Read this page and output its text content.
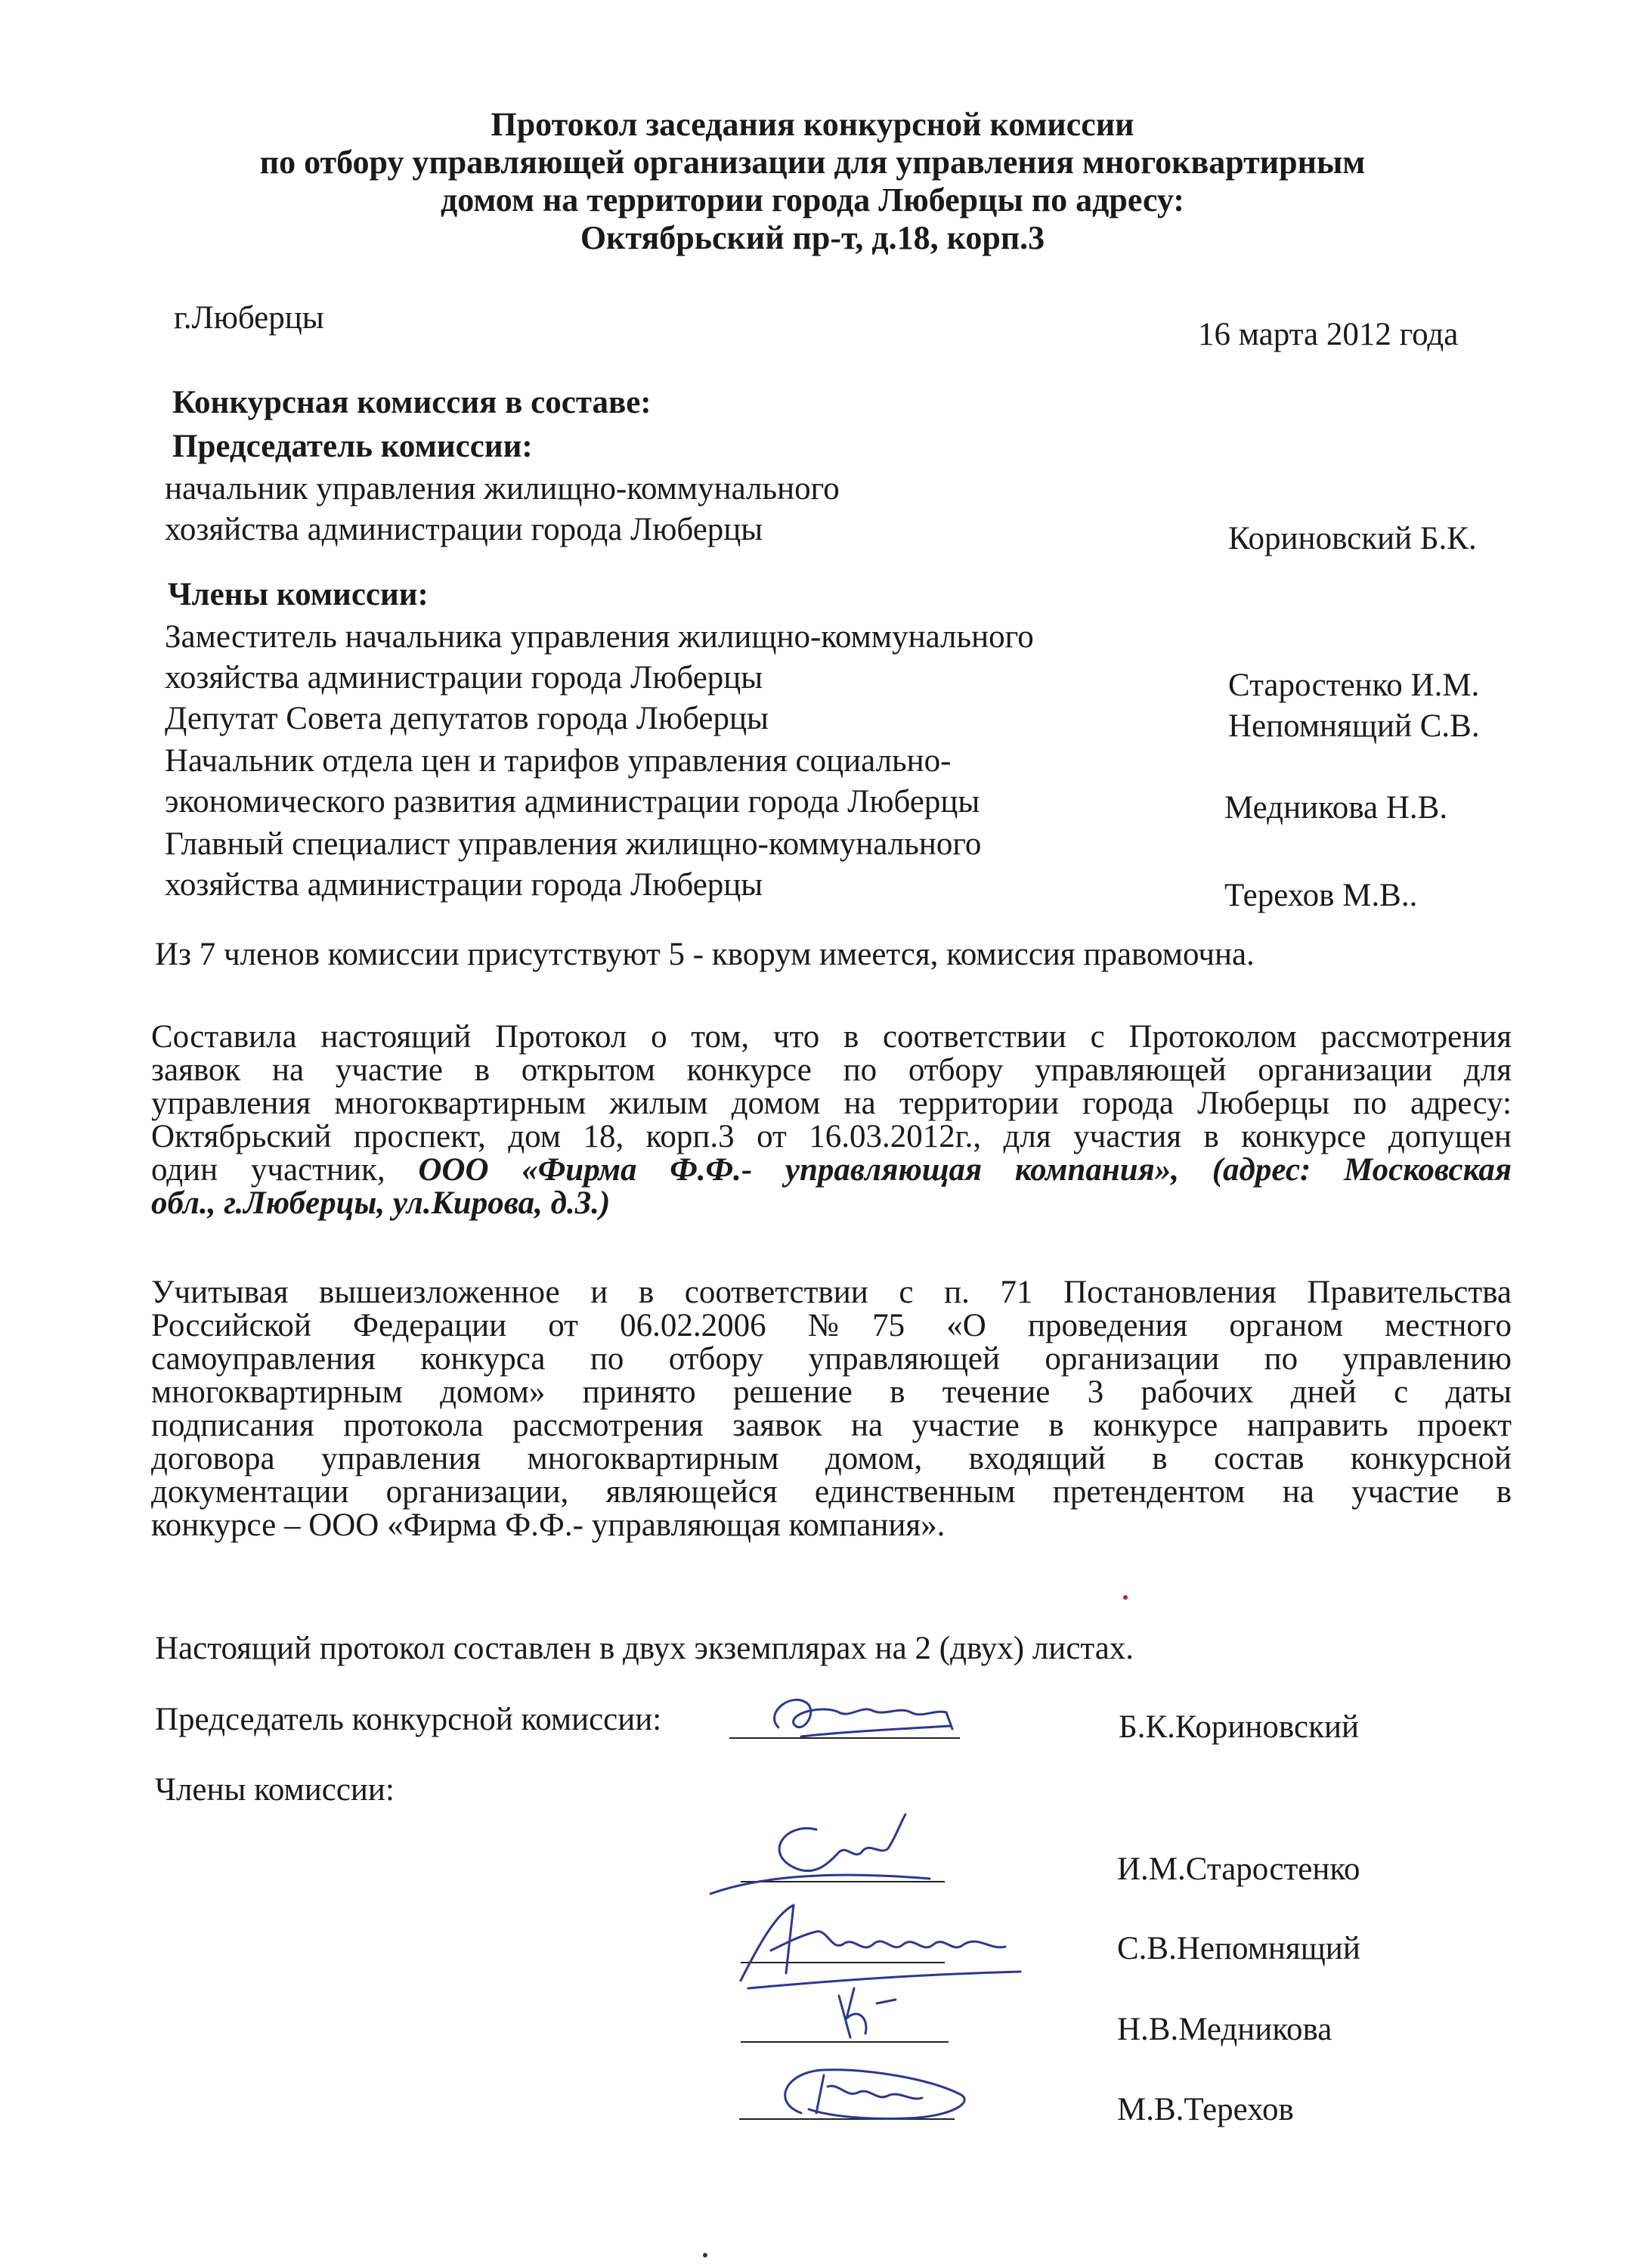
Протокол заседания конкурсной комиссии
по отбору управляющей организации для управления многоквартирным
домом на территории города Люберцы по адресу:
Октябрьский пр-т, д.18, корп.3
г.Люберцы	16 марта 2012 года
Конкурсная комиссия в составе:
Председатель комиссии:
начальник управления жилищно-коммунального
хозяйства администрации города Люберцы	Кориновский Б.К.
Члены комиссии:
Заместитель начальника управления жилищно-коммунального
хозяйства администрации города Люберцы	Старостенко И.М.
Депутат Совета депутатов города Люберцы	Непомнящий С.В.
Начальник отдела цен и тарифов управления социально-
экономического развития администрации города Люберцы	Медникова Н.В.
Главный специалист управления жилищно-коммунального
хозяйства администрации города Люберцы	Терехов М.В..
Из 7 членов комиссии присутствуют 5 - кворум имеется, комиссия правомочна.
Составила настоящий Протокол о том, что в соответствии с Протоколом рассмотрения
заявок на участие в открытом конкурсе по отбору управляющей организации для
управления многоквартирным жилым домом на территории города Люберцы по адресу:
Октябрьский проспект, дом 18, корп.3 от 16.03.2012г., для участия в конкурсе допущен
один участник, ООО «Фирма Ф.Ф.- управляющая компания», (адрес: Московская
обл., г.Люберцы, ул.Кирова, д.3.)
Учитывая вышеизложенное и в соответствии с п. 71 Постановления Правительства
Российской Федерации от 06.02.2006 №75 «О проведения органом местного
самоуправления конкурса по отбору управляющей организации по управлению
многоквартирным домом» принято решение в течение 3 рабочих дней с даты
подписания протокола рассмотрения заявок на участие в конкурсе направить проект
договора управления многоквартирным домом, входящий в состав конкурсной
документации организации, являющейся единственным претендентом на участие в
конкурсе – ООО «Фирма Ф.Ф.- управляющая компания».
Настоящий протокол составлен в двух экземплярах на 2 (двух) листах.
Председатель конкурсной комиссии:	Б.К.Кориновский
Члены комиссии:
И.М.Старостенко
С.В.Непомнящий
Н.В.Медникова
М.В.Терехов
